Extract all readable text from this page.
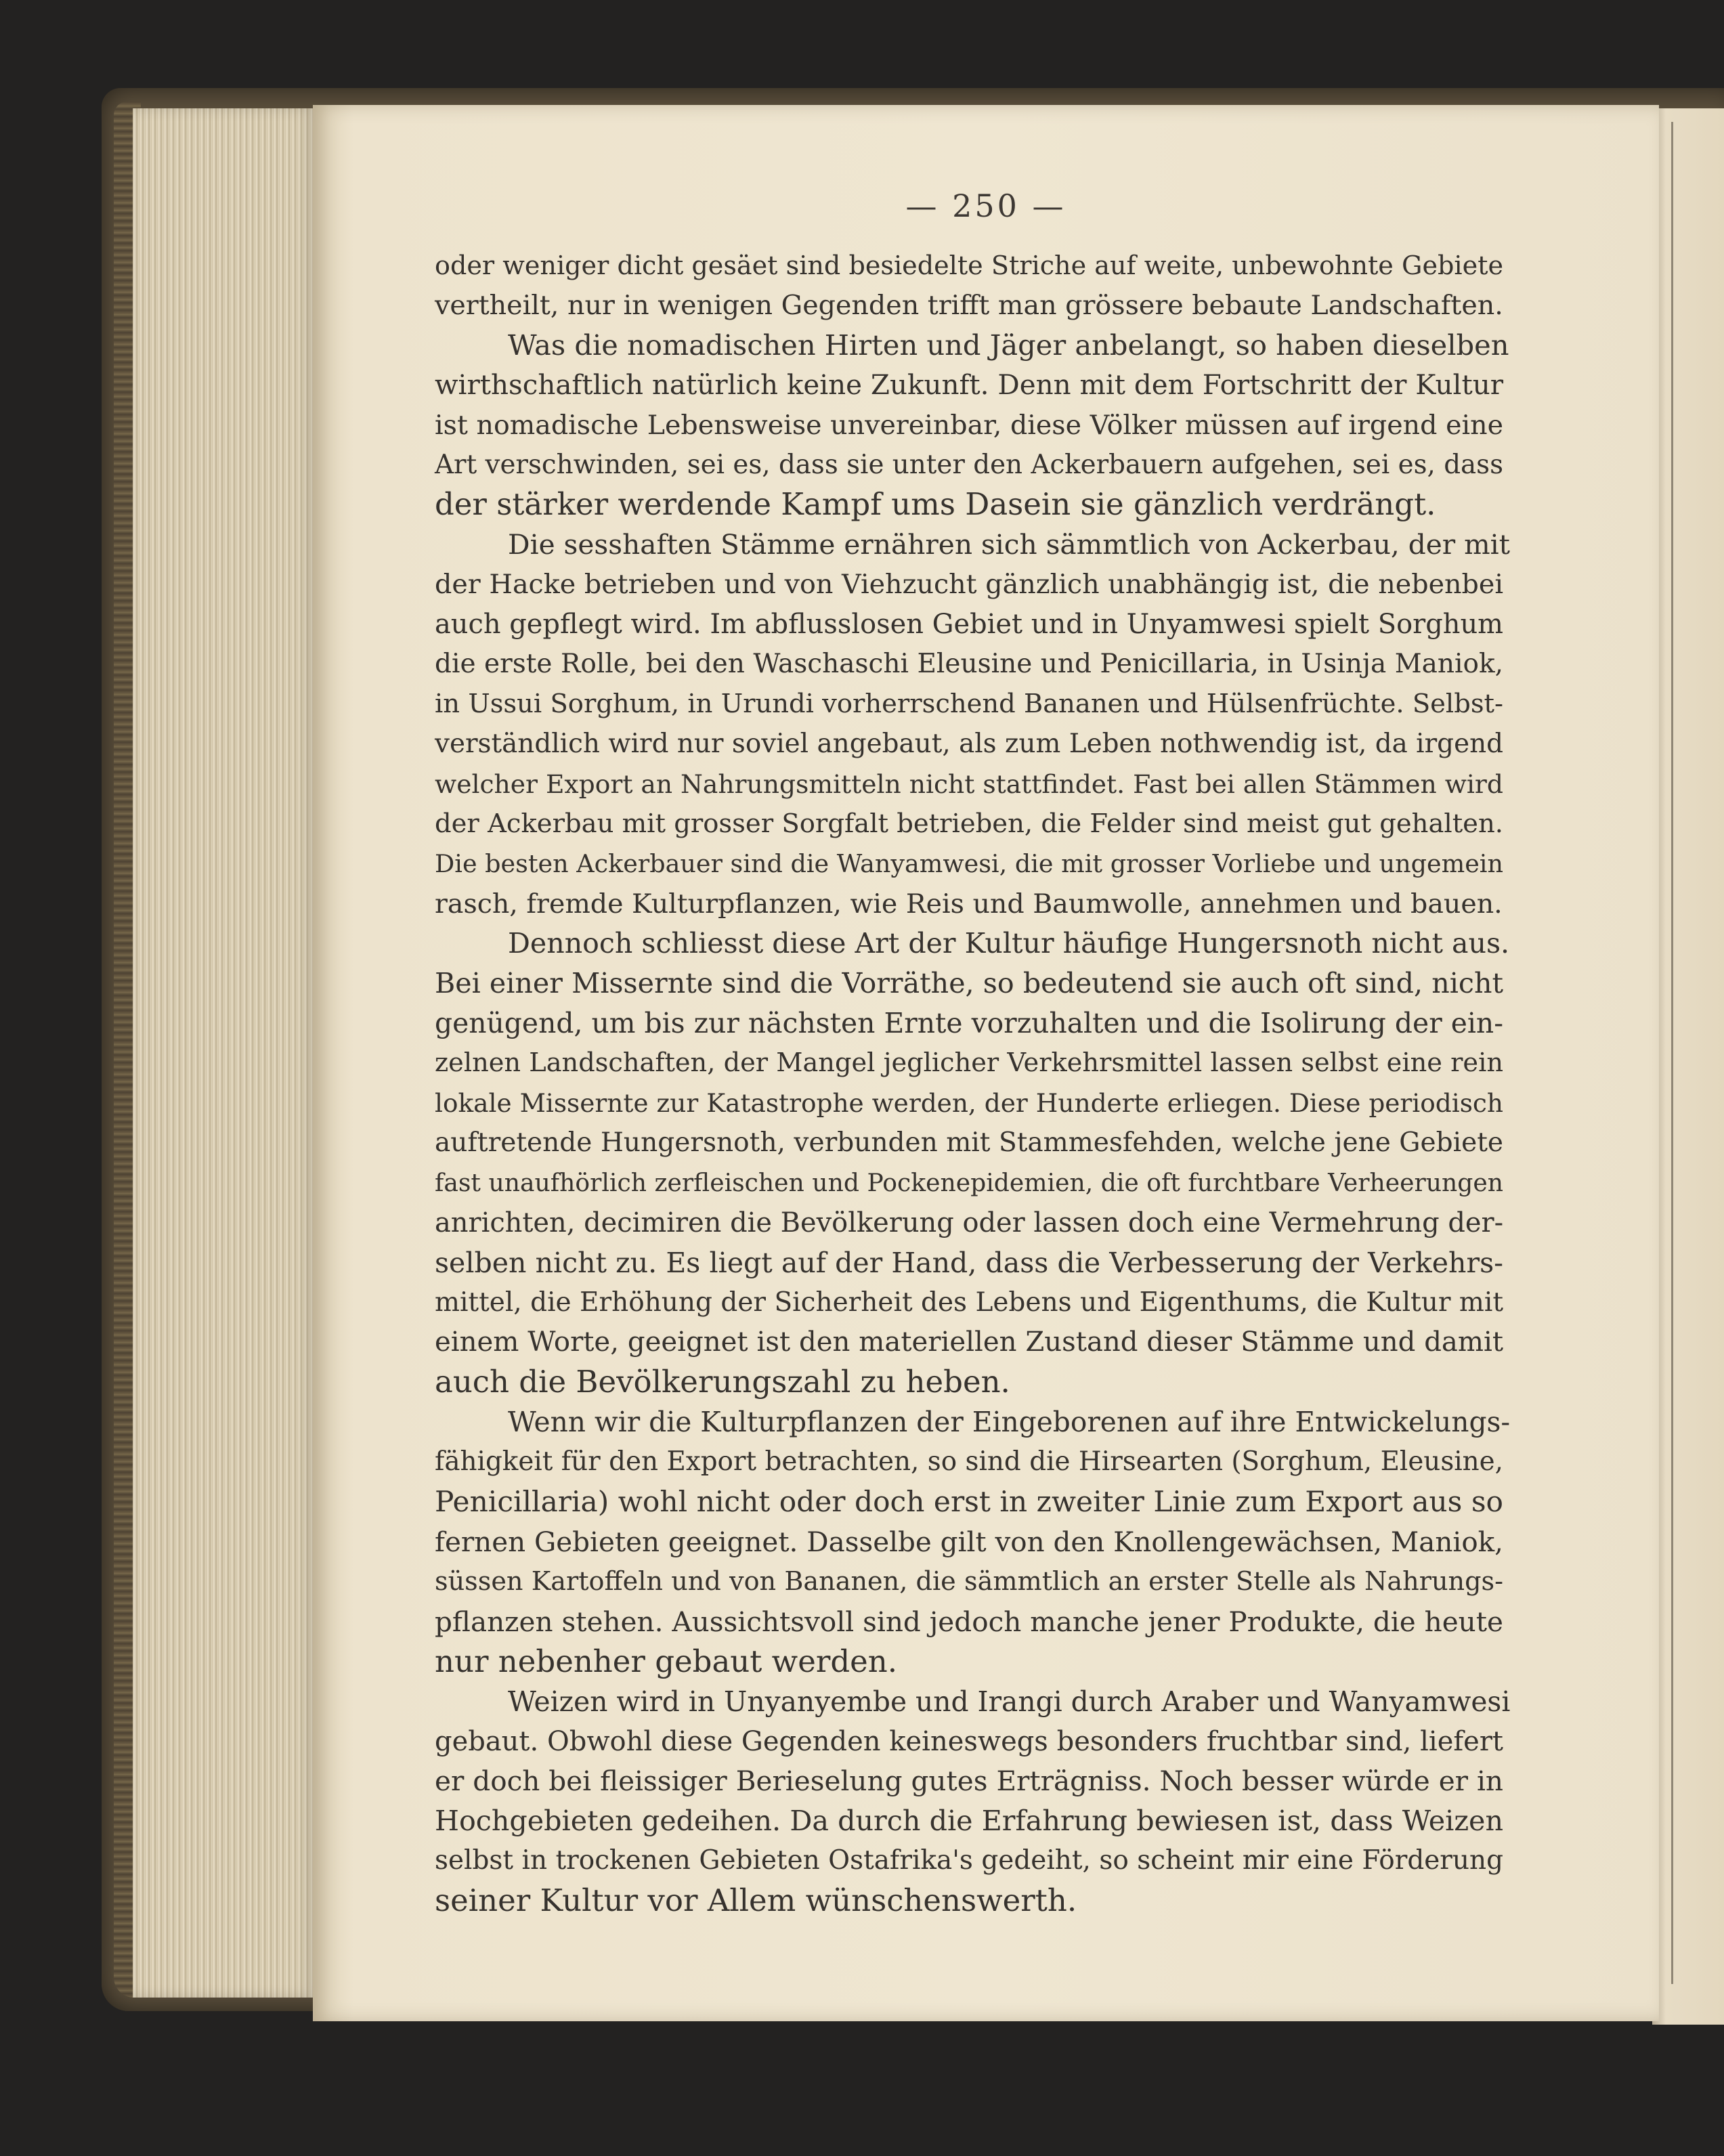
— 250 —

oder weniger dicht gesäet sind besiedelte Striche auf weite, unbewohnte Gebiete
vertheilt, nur in wenigen Gegenden trifft man grössere bebaute Landschaften.

Was die nomadischen Hirten und Jäger anbelangt, so haben dieselben
wirthschaftlich natürlich keine Zukunft. Denn mit dem Fortschritt der Kultur
ist nomadische Lebensweise unvereinbar, diese Völker müssen auf irgend eine
Art verschwinden, sei es, dass sie unter den Ackerbauern aufgehen, sei es, dass
der stärker werdende Kampf ums Dasein sie gänzlich verdrängt.

Die sesshaften Stämme ernähren sich sämmtlich von Ackerbau, der mit
der Hacke betrieben und von Viehzucht gänzlich unabhängig ist, die nebenbei
auch gepflegt wird. Im abflusslosen Gebiet und in Unyamwesi spielt Sorghum
die erste Rolle, bei den Waschaschi Eleusine und Penicillaria, in Usinja Maniok,
in Ussui Sorghum, in Urundi vorherrschend Bananen und Hülsenfrüchte. Selbst-
verständlich wird nur soviel angebaut, als zum Leben nothwendig ist, da irgend
welcher Export an Nahrungsmitteln nicht stattfindet. Fast bei allen Stämmen wird
der Ackerbau mit grosser Sorgfalt betrieben, die Felder sind meist gut gehalten.
Die besten Ackerbauer sind die Wanyamwesi, die mit grosser Vorliebe und ungemein
rasch, fremde Kulturpflanzen, wie Reis und Baumwolle, annehmen und bauen.

Dennoch schliesst diese Art der Kultur häufige Hungersnoth nicht aus.
Bei einer Missernte sind die Vorräthe, so bedeutend sie auch oft sind, nicht
genügend, um bis zur nächsten Ernte vorzuhalten und die Isolirung der ein-
zelnen Landschaften, der Mangel jeglicher Verkehrsmittel lassen selbst eine rein
lokale Missernte zur Katastrophe werden, der Hunderte erliegen. Diese periodisch
auftretende Hungersnoth, verbunden mit Stammesfehden, welche jene Gebiete
fast unaufhörlich zerfleischen und Pockenepidemien, die oft furchtbare Verheerungen
anrichten, decimiren die Bevölkerung oder lassen doch eine Vermehrung der-
selben nicht zu. Es liegt auf der Hand, dass die Verbesserung der Verkehrs-
mittel, die Erhöhung der Sicherheit des Lebens und Eigenthums, die Kultur mit
einem Worte, geeignet ist den materiellen Zustand dieser Stämme und damit
auch die Bevölkerungszahl zu heben.

Wenn wir die Kulturpflanzen der Eingeborenen auf ihre Entwickelungs-
fähigkeit für den Export betrachten, so sind die Hirsearten (Sorghum, Eleusine,
Penicillaria) wohl nicht oder doch erst in zweiter Linie zum Export aus so
fernen Gebieten geeignet. Dasselbe gilt von den Knollengewächsen, Maniok,
süssen Kartoffeln und von Bananen, die sämmtlich an erster Stelle als Nahrungs-
pflanzen stehen. Aussichtsvoll sind jedoch manche jener Produkte, die heute
nur nebenher gebaut werden.

Weizen wird in Unyanyembe und Irangi durch Araber und Wanyamwesi
gebaut. Obwohl diese Gegenden keineswegs besonders fruchtbar sind, liefert
er doch bei fleissiger Berieselung gutes Erträgniss. Noch besser würde er in
Hochgebieten gedeihen. Da durch die Erfahrung bewiesen ist, dass Weizen
selbst in trockenen Gebieten Ostafrika's gedeiht, so scheint mir eine Förderung
seiner Kultur vor Allem wünschenswerth.
